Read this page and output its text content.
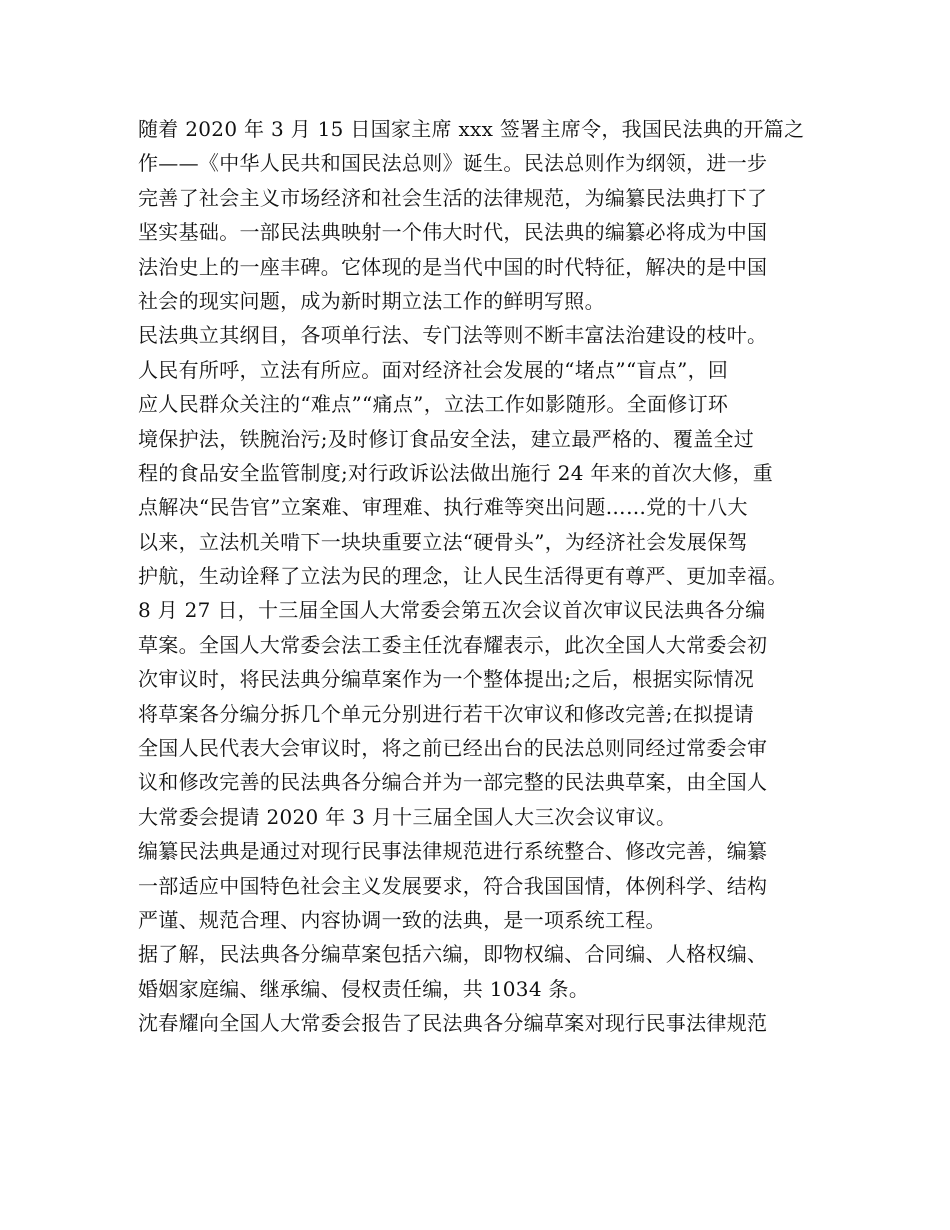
随着 2020 年 3 月 15 日国家主席 xxx 签署主席令，我国民法典的开篇之
作——《中华人民共和国民法总则》诞生。民法总则作为纲领，进一步
完善了社会主义市场经济和社会生活的法律规范，为编纂民法典打下了
坚实基础。一部民法典映射一个伟大时代，民法典的编纂必将成为中国
法治史上的一座丰碑。它体现的是当代中国的时代特征，解决的是中国
社会的现实问题，成为新时期立法工作的鲜明写照。
民法典立其纲目，各项单行法、专门法等则不断丰富法治建设的枝叶。
人民有所呼，立法有所应。面对经济社会发展的“堵点”“盲点”，回
应人民群众关注的“难点”“痛点”，立法工作如影随形。全面修订环
境保护法，铁腕治污;及时修订食品安全法，建立最严格的、覆盖全过
程的食品安全监管制度;对行政诉讼法做出施行 24 年来的首次大修，重
点解决“民告官”立案难、审理难、执行难等突出问题……党的十八大
以来，立法机关啃下一块块重要立法“硬骨头”，为经济社会发展保驾
护航，生动诠释了立法为民的理念，让人民生活得更有尊严、更加幸福。
8 月 27 日，十三届全国人大常委会第五次会议首次审议民法典各分编
草案。全国人大常委会法工委主任沈春耀表示，此次全国人大常委会初
次审议时，将民法典分编草案作为一个整体提出;之后，根据实际情况
将草案各分编分拆几个单元分别进行若干次审议和修改完善;在拟提请
全国人民代表大会审议时，将之前已经出台的民法总则同经过常委会审
议和修改完善的民法典各分编合并为一部完整的民法典草案，由全国人
大常委会提请 2020 年 3 月十三届全国人大三次会议审议。
编纂民法典是通过对现行民事法律规范进行系统整合、修改完善，编纂
一部适应中国特色社会主义发展要求，符合我国国情，体例科学、结构
严谨、规范合理、内容协调一致的法典，是一项系统工程。
据了解，民法典各分编草案包括六编，即物权编、合同编、人格权编、
婚姻家庭编、继承编、侵权责任编，共 1034 条。
沈春耀向全国人大常委会报告了民法典各分编草案对现行民事法律规范
